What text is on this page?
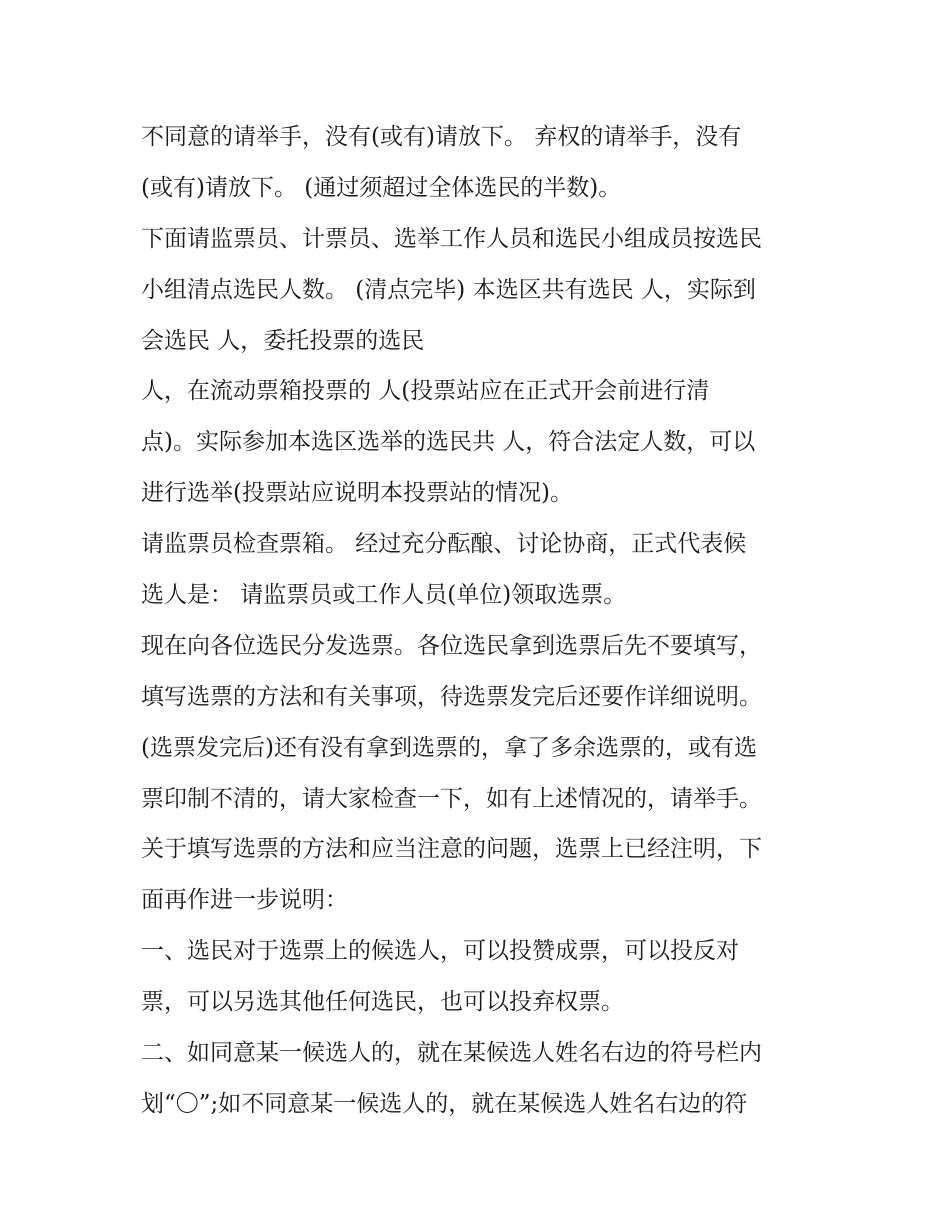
不同意的请举手，没有(或有)请放下。 弃权的请举手，没有
(或有)请放下。 (通过须超过全体选民的半数)。
下面请监票员、计票员、选举工作人员和选民小组成员按选民
小组清点选民人数。 (清点完毕) 本选区共有选民 人，实际到
会选民 人，委托投票的选民
人，在流动票箱投票的 人(投票站应在正式开会前进行清
点)。实际参加本选区选举的选民共 人，符合法定人数，可以
进行选举(投票站应说明本投票站的情况)。
请监票员检查票箱。 经过充分酝酿、讨论协商，正式代表候
选人是： 请监票员或工作人员(单位)领取选票。
现在向各位选民分发选票。各位选民拿到选票后先不要填写，
填写选票的方法和有关事项，待选票发完后还要作详细说明。
(选票发完后)还有没有拿到选票的，拿了多余选票的，或有选
票印制不清的，请大家检查一下，如有上述情况的，请举手。
关于填写选票的方法和应当注意的问题，选票上已经注明，下
面再作进一步说明：
一、选民对于选票上的候选人，可以投赞成票，可以投反对
票，可以另选其他任何选民，也可以投弃权票。
二、如同意某一候选人的，就在某候选人姓名右边的符号栏内
划“〇”;如不同意某一候选人的，就在某候选人姓名右边的符
